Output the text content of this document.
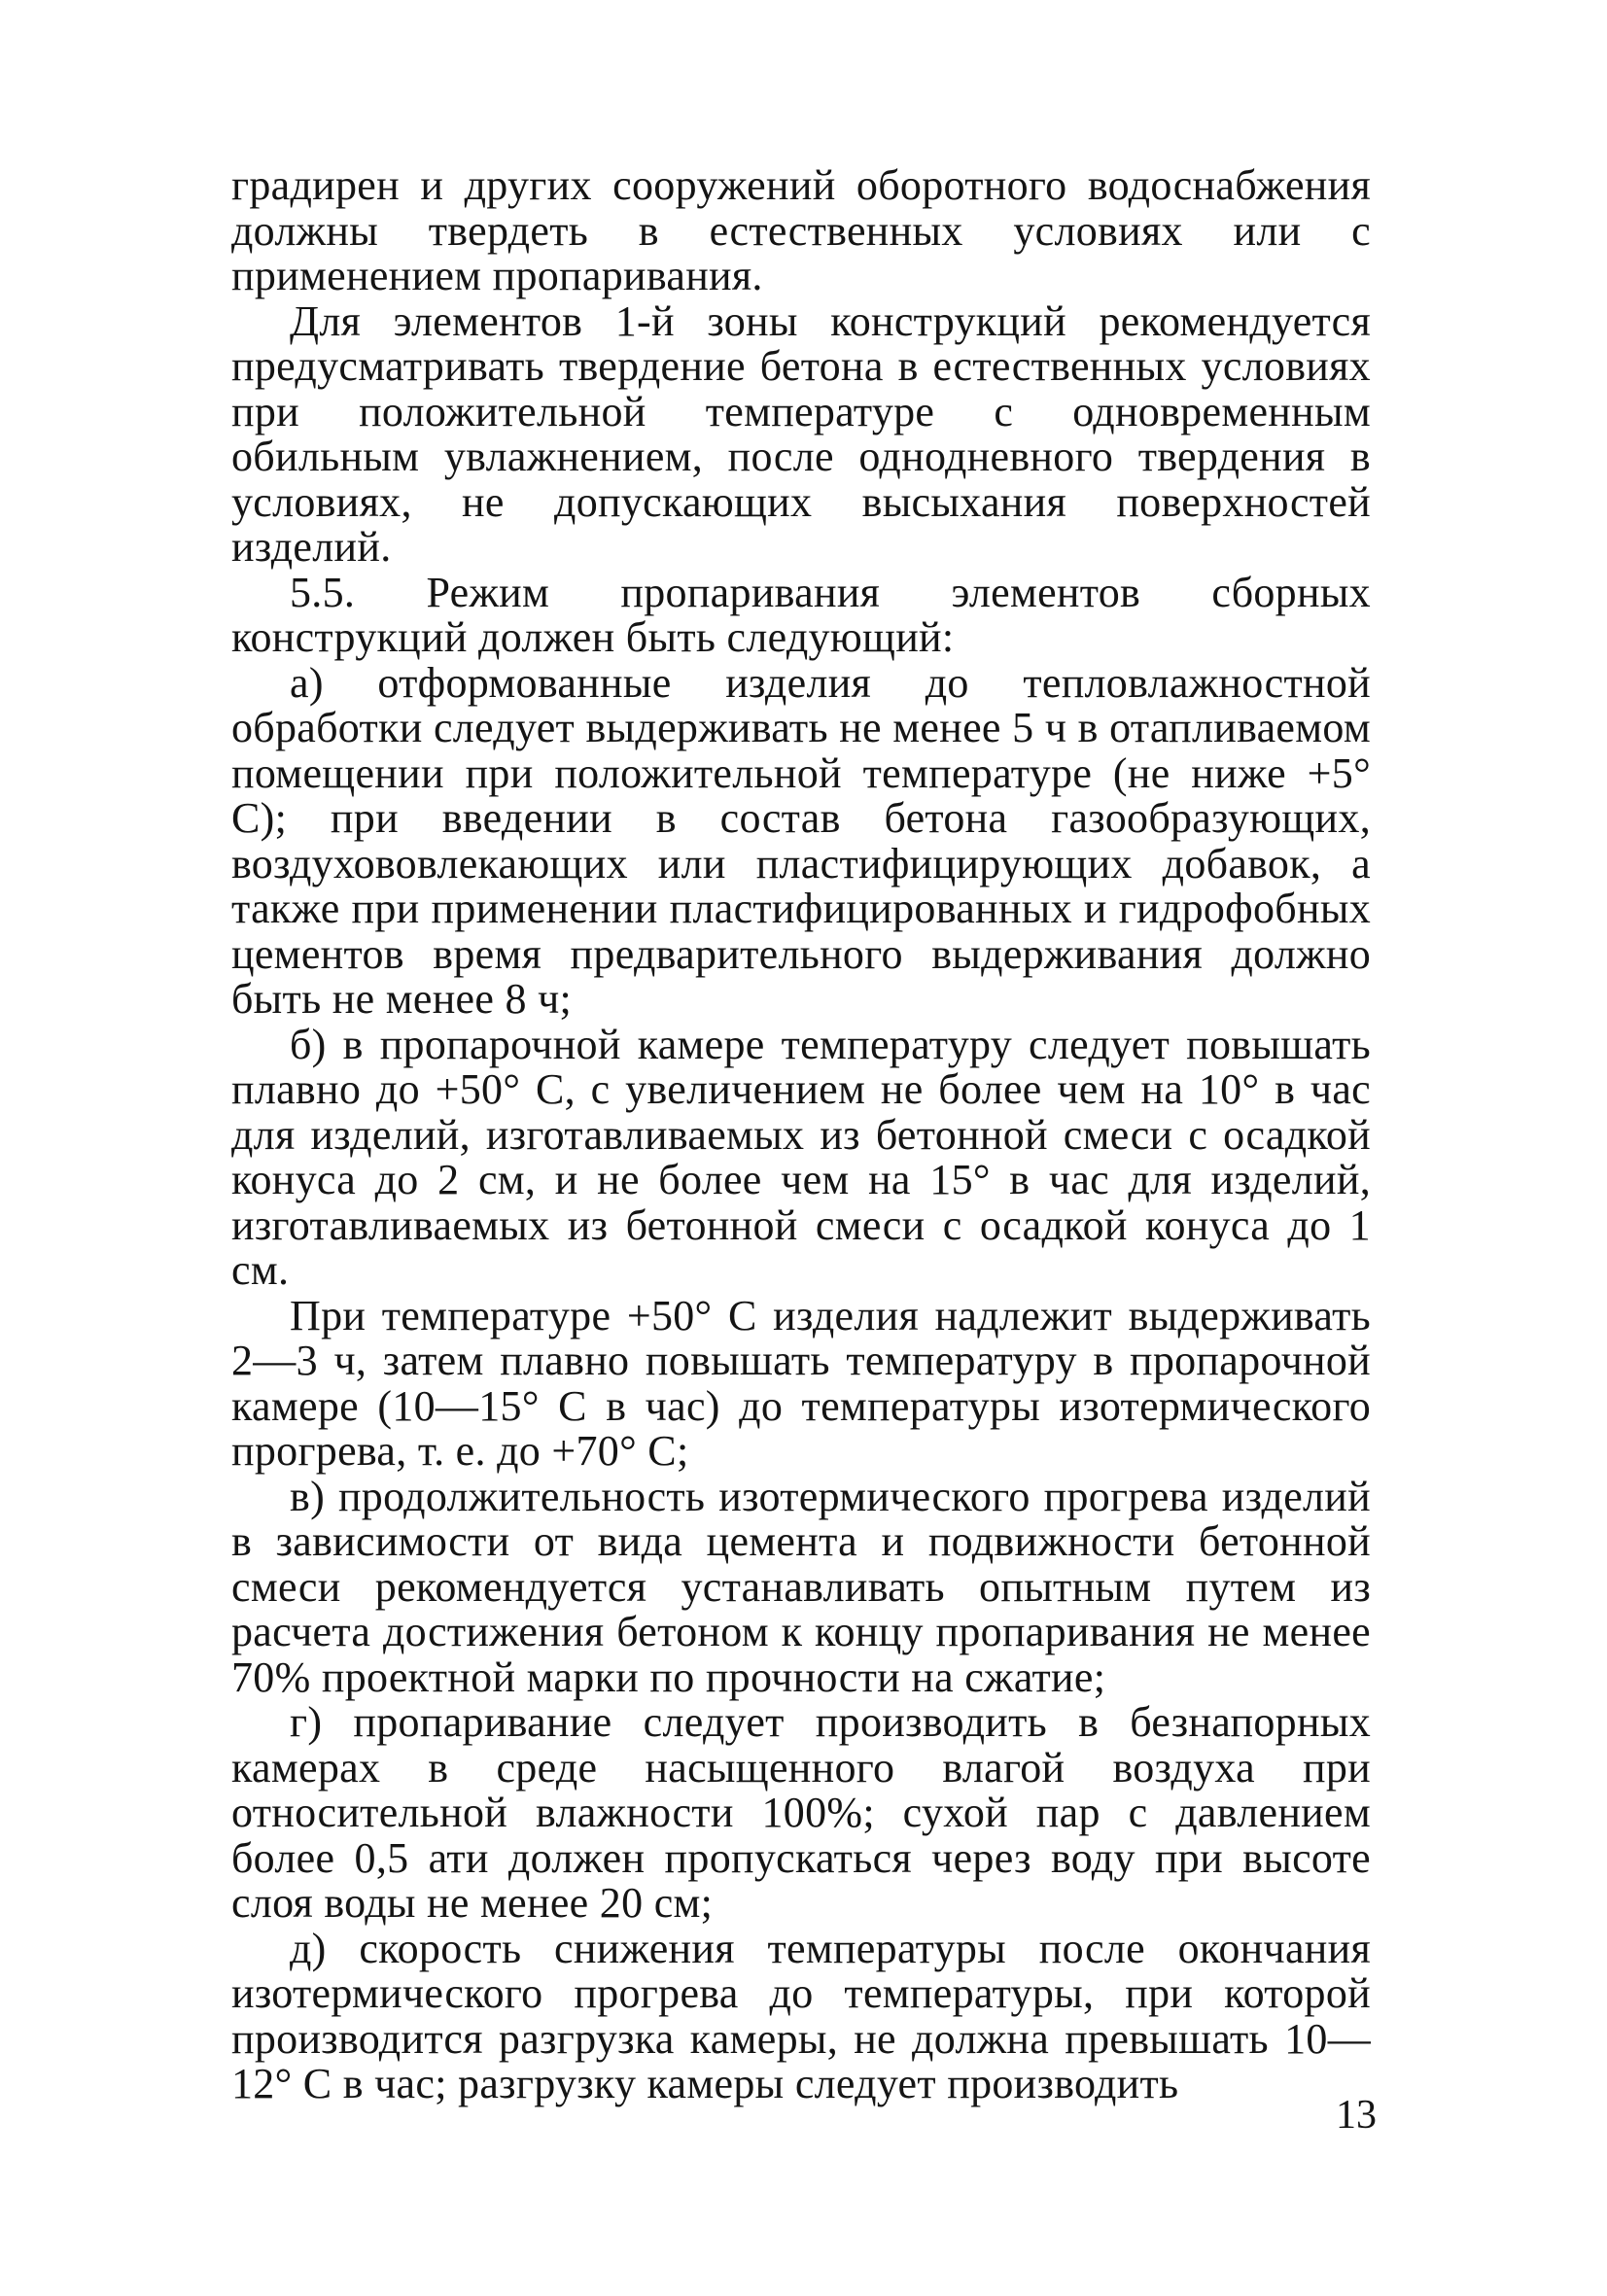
градирен и других сооружений оборотного водоснабжения должны твердеть в естественных условиях или с применением пропаривания.

Для элементов 1-й зоны конструкций рекомендуется предусматривать твердение бетона в естественных условиях при положительной температуре с одновременным обильным увлажнением, после однодневного твердения в условиях, не допускающих высыхания поверхностей изделий.

5.5. Режим пропаривания элементов сборных конструкций должен быть следующий:

а) отформованные изделия до тепловлажностной обработки следует выдерживать не менее 5 ч в отапливаемом помещении при положительной температуре (не ниже +5° С); при введении в состав бетона газообразующих, воздухововлекающих или пластифицирующих добавок, а также при применении пластифицированных и гидрофобных цементов время предварительного выдерживания должно быть не менее 8 ч;

б) в пропарочной камере температуру следует повышать плавно до +50° С, с увеличением не более чем на 10° в час для изделий, изготавливаемых из бетонной смеси с осадкой конуса до 2 см, и не более чем на 15° в час для изделий, изготавливаемых из бетонной смеси с осадкой конуса до 1 см.

При температуре +50° С изделия надлежит выдерживать 2—3 ч, затем плавно повышать температуру в пропарочной камере (10—15° С в час) до температуры изотермического прогрева, т. е. до +70° С;

в) продолжительность изотермического прогрева изделий в зависимости от вида цемента и подвижности бетонной смеси рекомендуется устанавливать опытным путем из расчета достижения бетоном к концу пропаривания не менее 70% проектной марки по прочности на сжатие;

г) пропаривание следует производить в безнапорных камерах в среде насыщенного влагой воздуха при относительной влажности 100%; сухой пар с давлением более 0,5 ати должен пропускаться через воду при высоте слоя воды не менее 20 см;

д) скорость снижения температуры после окончания изотермического прогрева до температуры, при которой производится разгрузка камеры, не должна превышать 10—12° С в час; разгрузку камеры следует производить

13
